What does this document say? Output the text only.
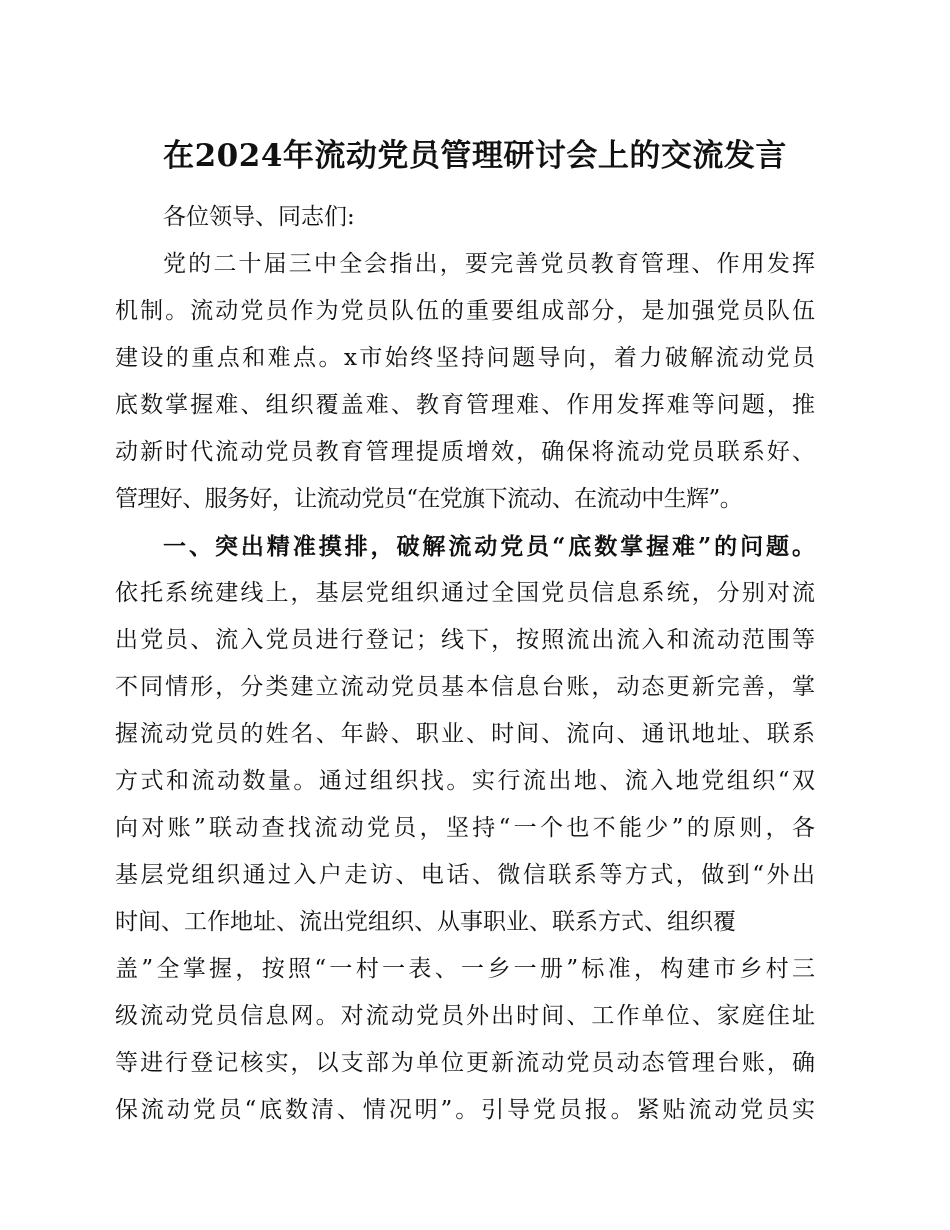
在2024年流动党员管理研讨会上的交流发言
各位领导、同志们:
党的二十届三中全会指出，要完善党员教育管理、作用发挥
机制。流动党员作为党员队伍的重要组成部分，是加强党员队伍
建设的重点和难点。x市始终坚持问题导向，着力破解流动党员
底数掌握难、组织覆盖难、教育管理难、作用发挥难等问题，推
动新时代流动党员教育管理提质增效，确保将流动党员联系好、
管理好、服务好，让流动党员“在党旗下流动、在流动中生辉”。
一、突出精准摸排，破解流动党员“底数掌握难”的问题。
依托系统建线上，基层党组织通过全国党员信息系统，分别对流
出党员、流入党员进行登记；线下，按照流出流入和流动范围等
不同情形，分类建立流动党员基本信息台账，动态更新完善，掌
握流动党员的姓名、年龄、职业、时间、流向、通讯地址、联系
方式和流动数量。通过组织找。实行流出地、流入地党组织“双
向对账”联动查找流动党员，坚持“一个也不能少”的原则，各
基层党组织通过入户走访、电话、微信联系等方式，做到“外出
时间、工作地址、流出党组织、从事职业、联系方式、组织覆
盖”全掌握，按照“一村一表、一乡一册”标准，构建市乡村三
级流动党员信息网。对流动党员外出时间、工作单位、家庭住址
等进行登记核实，以支部为单位更新流动党员动态管理台账，确
保流动党员“底数清、情况明”。引导党员报。紧贴流动党员实
